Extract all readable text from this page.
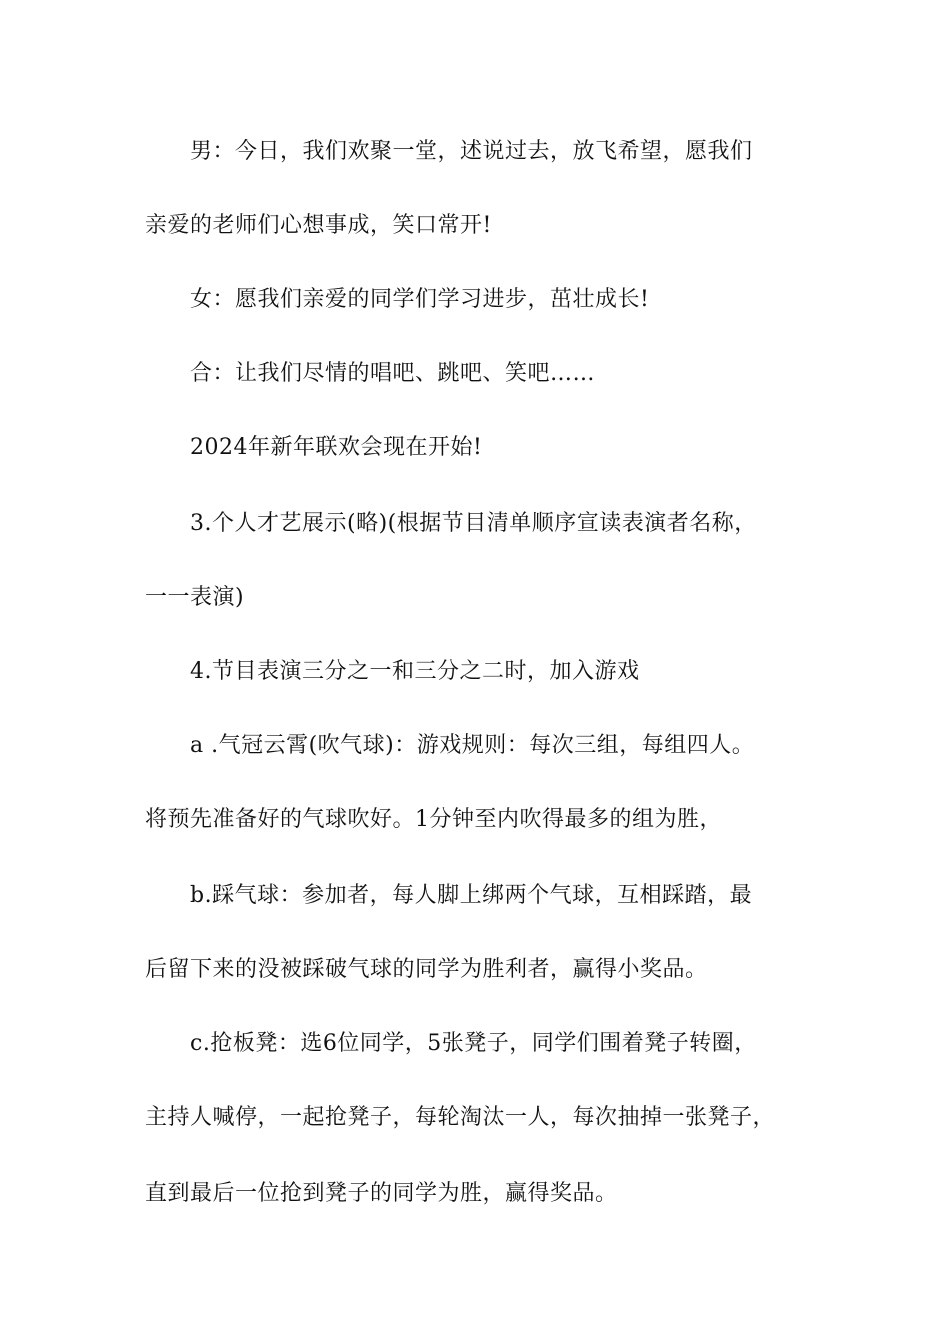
男：今日，我们欢聚一堂，述说过去，放飞希望，愿我们
亲爱的老师们心想事成，笑口常开!
女：愿我们亲爱的同学们学习进步，茁壮成长!
合：让我们尽情的唱吧、跳吧、笑吧……
2024年新年联欢会现在开始!
3.个人才艺展示(略)(根据节目清单顺序宣读表演者名称，
一一表演)
4.节目表演三分之一和三分之二时，加入游戏
a .气冠云霄(吹气球)：游戏规则：每次三组，每组四人。
将预先准备好的气球吹好。1分钟至内吹得最多的组为胜，
b.踩气球：参加者，每人脚上绑两个气球，互相踩踏，最
后留下来的没被踩破气球的同学为胜利者，赢得小奖品。
c.抢板凳：选6位同学，5张凳子，同学们围着凳子转圈，
主持人喊停，一起抢凳子，每轮淘汰一人，每次抽掉一张凳子，
直到最后一位抢到凳子的同学为胜，赢得奖品。
